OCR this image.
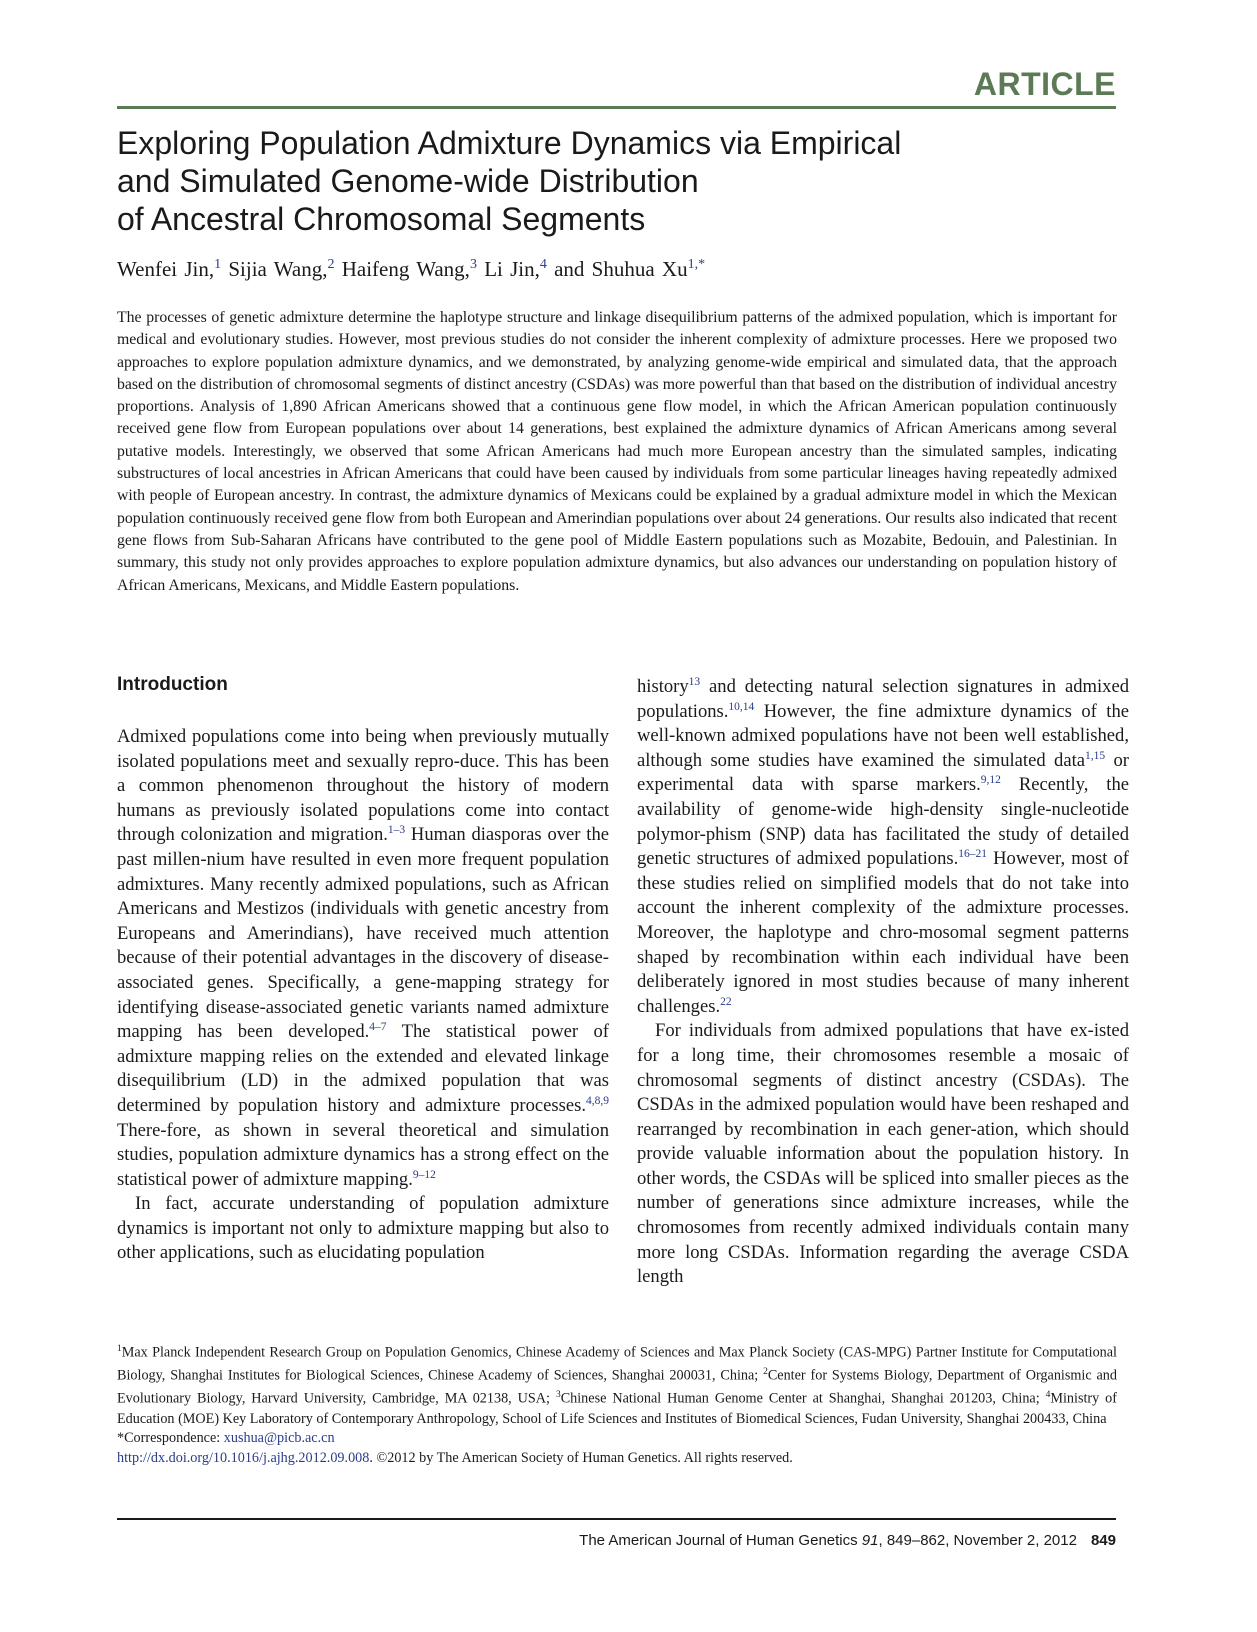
ARTICLE
Exploring Population Admixture Dynamics via Empirical
and Simulated Genome-wide Distribution
of Ancestral Chromosomal Segments
Wenfei Jin,$^1$ Sijia Wang,$^2$ Haifeng Wang,$^3$ Li Jin,$^4$ and Shuhua $Xu^{1,*}$

The processes of genetic admixture determine the haplotype structure and linkage disequilibrium patterns of the admixed population, which is important for medical and evolutionary studies. However, most previous studies do not consider the inherent complexity of admixture processes. Here we proposed two approaches to explore population admixture dynamics, and we demonstrated, by analyzing genome-wide empirical and simulated data, that the approach based on the distribution of chromosomal segments of distinct ancestry (CSDAs) was more powerful than that based on the distribution of individual ancestry proportions. Analysis of 1,890 African Americans showed that a continuous gene flow model, in which the African American population continuously received gene flow from European populations over about 14 generations, best explained the admixture dynamics of African Americans among several putative models. Interestingly, we observed that some African Americans had much more European ancestry than the simulated samples, indicating substructures of local ancestries in African Americans that could have been caused by individuals from some particular lineages having repeatedly admixed with people of European ancestry. In contrast, the admixture dynamics of Mexicans could be explained by a gradual admixture model in which the Mexican population continuously received gene flow from both European and Amerindian populations over about 24 generations. Our results also indicated that recent gene flows from Sub-Saharan Africans have contributed to the gene pool of Middle Eastern populations such as Mozabite, Bedouin, and Palestinian. In summary, this study not only provides approaches to explore population admixture dynamics, but also advances our understanding on population history of African Americans, Mexicans, and Middle Eastern populations.

Introduction

Admixed populations come into being when previously mutually isolated populations meet and sexually repro-duce. This has been a common phenomenon throughout the history of modern humans as previously isolated populations come into contact through colonization and migration.$^{1-3}$ Human diasporas over the past millen-nium have resulted in even more frequent population admixtures. Many recently admixed populations, such as African Americans and Mestizos (individuals with genetic ancestry from Europeans and Amerindians), have received much attention because of their potential advantages in the discovery of disease-associated genes. Specifically, a gene-mapping strategy for identifying disease-associated genetic variants named admixture mapping has been developed.$^{4-7}$ The statistical power of admixture mapping relies on the extended and elevated linkage disequilibrium (LD) in the admixed population that was determined by population history and admixture processes.$^{4,8,9}$ There-fore, as shown in several theoretical and simulation studies, population admixture dynamics has a strong effect on the statistical power of admixture mapping.$^{9-12}$

In fact, accurate understanding of population admixture dynamics is important not only to admixture mapping but also to other applications, such as elucidating population

history$^{13}$ and detecting natural selection signatures in admixed populations.$^{10,14}$ However, the fine admixture dynamics of the well-known admixed populations have not been well established, although some studies have examined the simulated data$^{1,15}$ or experimental data with sparse markers.$^{9,12}$ Recently, the availability of genome-wide high-density single-nucleotide polymor-phism (SNP) data has facilitated the study of detailed genetic structures of admixed populations.$^{16-21}$ However, most of these studies relied on simplified models that do not take into account the inherent complexity of the admixture processes. Moreover, the haplotype and chro-mosomal segment patterns shaped by recombination within each individual have been deliberately ignored in most studies because of many inherent challenges.$^{22}$

For individuals from admixed populations that have ex-isted for a long time, their chromosomes resemble a mosaic of chromosomal segments of distinct ancestry (CSDAs). The CSDAs in the admixed population would have been reshaped and rearranged by recombination in each gener-ation, which should provide valuable information about the population history. In other words, the CSDAs will be spliced into smaller pieces as the number of generations since admixture increases, while the chromosomes from recently admixed individuals contain many more long CSDAs. Information regarding the average CSDA length

$^1$Max Planck Independent Research Group on Population Genomics, Chinese Academy of Sciences and Max Planck Society (CAS-MPG) Partner Institute for Computational Biology, Shanghai Institutes for Biological Sciences, Chinese Academy of Sciences, Shanghai 200031, China; $^2$Center for Systems Biology, Department of Organismic and Evolutionary Biology, Harvard University, Cambridge, MA 02138, USA; $^3$Chinese National Human Genome Center at Shanghai, Shanghai 201203, China; $^4$Ministry of Education (MOE) Key Laboratory of Contemporary Anthropology, School of Life Sciences and Institutes of Biomedical Sciences, Fudan University, Shanghai 200433, China

*Correspondence: xushua@picb.ac.cn

http://dx.doi.org/10.1016/j.ajhg.2012.09.008. ©2012 by The American Society of Human Genetics. All rights reserved.

The American Journal of Human Genetics 91, 849–862, November 2, 2012 849
